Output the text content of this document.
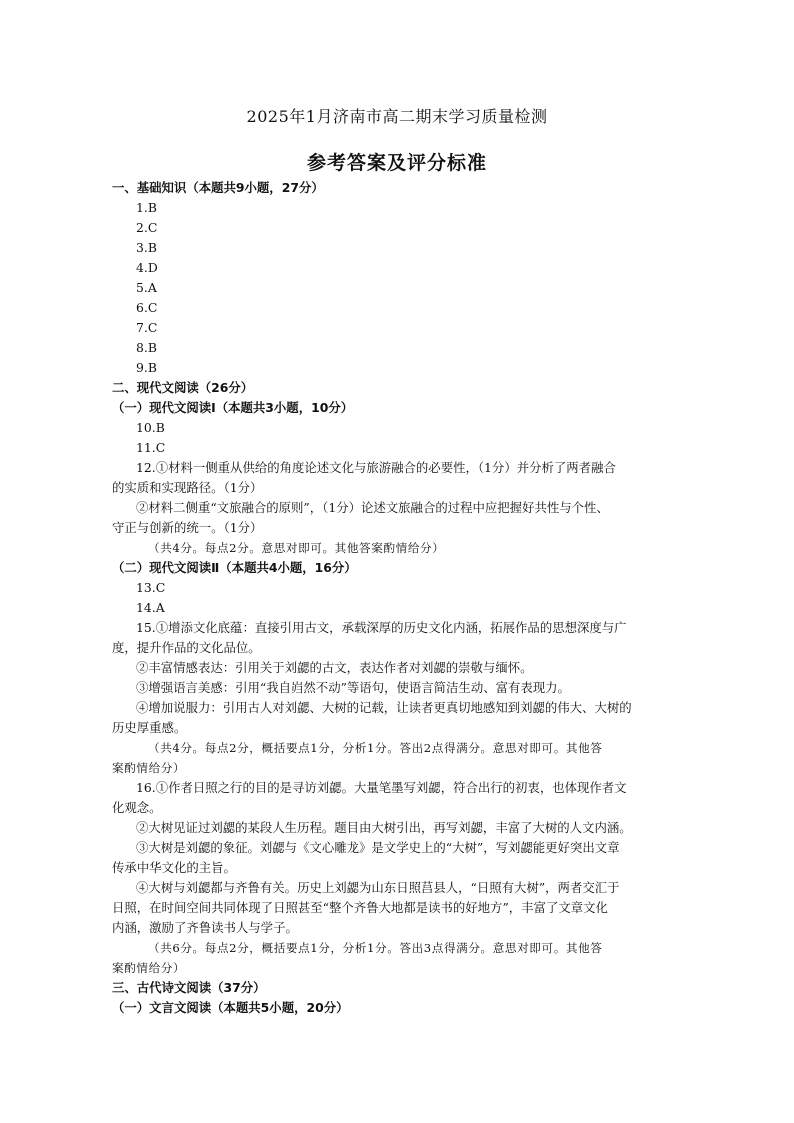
2025年1月济南市高二期末学习质量检测
参考答案及评分标准
一、基础知识（本题共9小题，27分）
1.B
2.C
3.B
4.D
5.A
6.C
7.C
8.B
9.B
二、现代文阅读（26分）
（一）现代文阅读Ⅰ（本题共3小题，10分）
10.B
11.C
12.①材料一侧重从供给的角度论述文化与旅游融合的必要性，（1分）并分析了两者融合
的实质和实现路径。（1分）
②材料二侧重“文旅融合的原则”，（1分）论述文旅融合的过程中应把握好共性与个性、
守正与创新的统一。（1分）
（共4分。每点2分。意思对即可。其他答案酌情给分）
（二）现代文阅读Ⅱ（本题共4小题，16分）
13.C
14.A
15.①增添文化底蕴：直接引用古文，承载深厚的历史文化内涵，拓展作品的思想深度与广
度，提升作品的文化品位。
②丰富情感表达：引用关于刘勰的古文，表达作者对刘勰的崇敬与缅怀。
③增强语言美感：引用“我自岿然不动”等语句，使语言简洁生动、富有表现力。
④增加说服力：引用古人对刘勰、大树的记载，让读者更真切地感知到刘勰的伟大、大树的
历史厚重感。
（共4分。每点2分，概括要点1分，分析1分。答出2点得满分。意思对即可。其他答
案酌情给分）
16.①作者日照之行的目的是寻访刘勰。大量笔墨写刘勰，符合出行的初衷，也体现作者文
化观念。
②大树见证过刘勰的某段人生历程。题目由大树引出，再写刘勰，丰富了大树的人文内涵。
③大树是刘勰的象征。刘勰与《文心雕龙》是文学史上的“大树”，写刘勰能更好突出文章
传承中华文化的主旨。
④大树与刘勰都与齐鲁有关。历史上刘勰为山东日照莒县人，“日照有大树”，两者交汇于
日照，在时间空间共同体现了日照甚至“整个齐鲁大地都是读书的好地方”，丰富了文章文化
内涵，激励了齐鲁读书人与学子。
（共6分。每点2分，概括要点1分，分析1分。答出3点得满分。意思对即可。其他答
案酌情给分）
三、古代诗文阅读（37分）
（一）文言文阅读（本题共5小题，20分）
